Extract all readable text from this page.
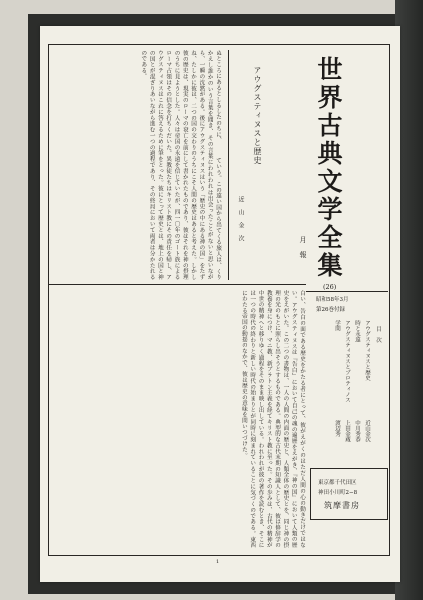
ぬところにあるとしるしたのちに、　　　ていう。この遠い国から出てくる旅人は、くりかえし誰かのいう言葉を聞き、その言葉にわれわれは出会ったことがないと思いながら、一瞬の沈黙がある。後にアウグスティヌスはいう「歴史の中にある神の国」をたずね、たしかに彼は、二つの国の交わりのうちにこそ人間の歴史はあると考えた。しかし彼の歴史は、現実のローマの衰亡を前にして書かれたものであり、彼はそれを神の摂理のうちに見ようとした。人々は帝国の永遠を信じていたが、四一〇年のゴート族によるローマ占領はその信念を打ちくだいた。異教徒たちはキリスト教にその責任を帰し、アウグスティヌスはこれに答えるために筆をとった。彼にとって歴史とは、地上の国と神の国とが混ざりあいながら進む一つの過程であり、その終局において両者は分かたれるのである。
アウグスティヌスと歴史
近　山　金　次	世界古典文学全集
月　報
(26)
昭和58年3月
第26巻付録
白い、告白の面である歴史をかたる者にとって、彼がえがくのはただ人間の心の動きだけではない。アウグスティヌスは『告白』において自己の魂の遍歴をえがき、『神の国』において人類の歴史をえがいた。この二つの書物は、一人の人間の内面の歴史と、人類全体の歴史とを、同じ神の摂理の光のもとに照らし出そうとするものである。典型的な古代末期の知識人として、彼は修辞学の教養を身につけ、マニ教、新プラトン主義を経てキリスト教に至った。その歩みは、古代の精神が中世の精神へと移りゆく過程をそのまま映し出している。われわれが彼の著作を読むとき、そこには一つの時代の終わりと新しい時代の始まりとが同時に刻まれていることに気づくのである。東西にわたる帝国の動揺のなかで、彼は歴史の意味を問いつづけた。	目　次
アウグスティヌスと歴史
近山金次
時と永遠
中川秀恭
アウグスティヌスとプロティノス
上田金蔵
学問
渡辺秀
東京都千代田区
神田小川町2−8
筑摩書房
1
